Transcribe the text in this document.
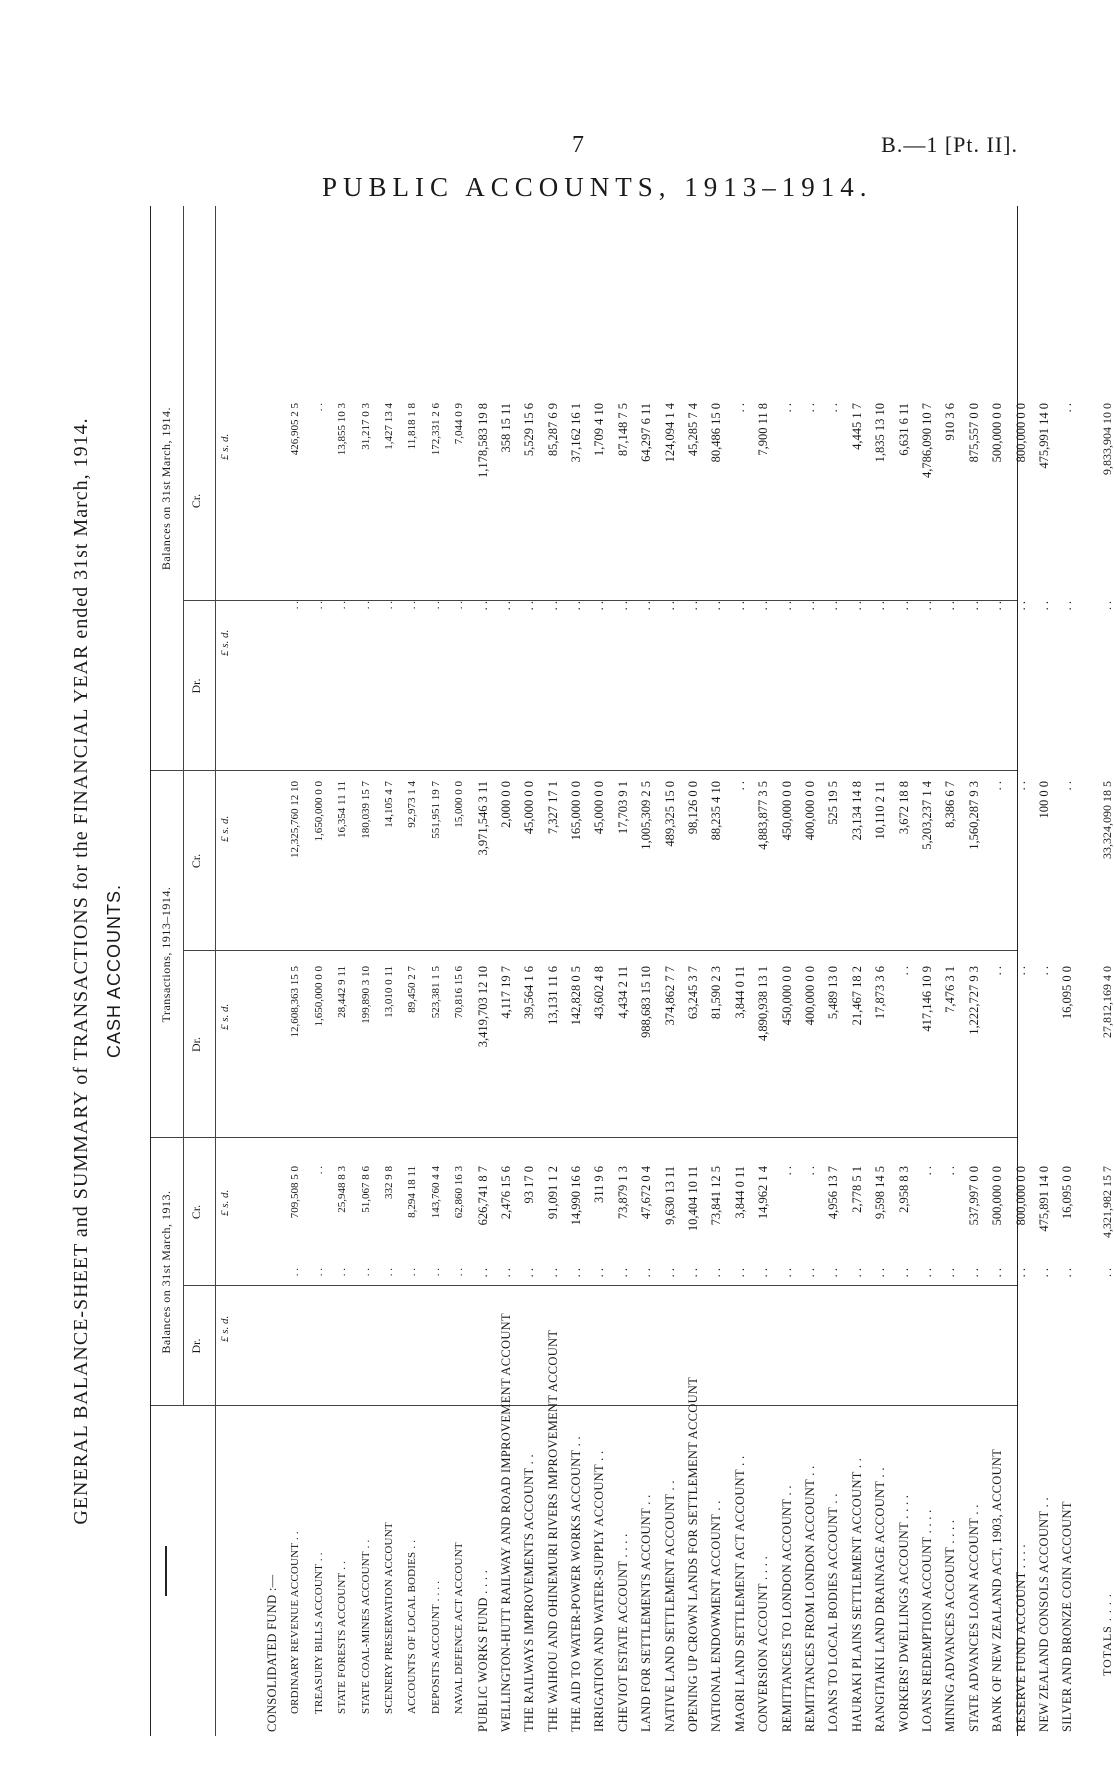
7	B.—1 [Pt. II].
PUBLIC ACCOUNTS, 1913–1914.
GENERAL BALANCE-SHEET and SUMMARY of TRANSACTIONS for the FINANCIAL YEAR ended 31st March, 1914. CASH ACCOUNTS.
Balances on 31st March, 1913.
Transactions, 1913–1914.
Balances on 31st March, 1914.
Dr.
Cr.
Dr.
Cr.
Dr.
Cr.
£ s. d.
£ s. d.
£ s. d.
£ s. d.
£ s. d.
£ s. d.
CONSOLIDATED FUND :— ORDINARY REVENUE ACCOUNT . .
. .
709,508 5 0
12,608,363 15 5
12,325,760 12 10
. .
426,905 2 5
TREASURY BILLS ACCOUNT . .
. .
. .
1,650,000 0 0
1,650,000 0 0
. .
. .
STATE FORESTS ACCOUNT . .
. .
25,948 8 3
28,442 9 11
16,354 11 11
. .
13,855 10 3
STATE COAL-MINES ACCOUNT . .
. .
51,067 8 6
199,890 3 10
180,039 15 7
. .
31,217 0 3
SCENERY PRESERVATION ACCOUNT
. .
332 9 8
13,010 0 11
14,105 4 7
. .
1,427 13 4
ACCOUNTS OF LOCAL BODIES . .
. .
8,294 18 11
89,450 2 7
92,973 1 4
. .
11,818 1 8
DEPOSITS ACCOUNT . . . .
. .
143,760 4 4
523,381 1 5
551,951 19 7
. .
172,331 2 6
NAVAL DEFENCE ACT ACCOUNT
. .
62,860 16 3
70,816 15 6
15,000 0 0
. .
7,044 0 9
PUBLIC WORKS FUND . . . .
. .
626,741 8 7
3,419,703 12 10
3,971,546 3 11
. .
1,178,583 19 8
WELLINGTON-HUTT RAILWAY AND ROAD IMPROVEMENT ACCOUNT
. .
2,476 15 6
4,117 19 7
2,000 0 0
. .
358 15 11
THE RAILWAYS IMPROVEMENTS ACCOUNT . .
. .
93 17 0
39,564 1 6
45,000 0 0
. .
5,529 15 6
THE WAIHOU AND OHINEMURI RIVERS IMPROVEMENT ACCOUNT
. .
91,091 1 2
13,131 11 6
7,327 17 1
. .
85,287 6 9
THE AID TO WATER-POWER WORKS ACCOUNT . .
. .
14,990 16 6
142,828 0 5
165,000 0 0
. .
37,162 16 1
IRRIGATION AND WATER-SUPPLY ACCOUNT . .
. .
311 9 6
43,602 4 8
45,000 0 0
. .
1,709 4 10
CHEVIOT ESTATE ACCOUNT . . . .
. .
73,879 1 3
4,434 2 11
17,703 9 1
. .
87,148 7 5
LAND FOR SETTLEMENTS ACCOUNT . .
. .
47,672 0 4
988,683 15 10
1,005,309 2 5
. .
64,297 6 11
NATIVE LAND SETTLEMENT ACCOUNT . .
. .
9,630 13 11
374,862 7 7
489,325 15 0
. .
124,094 1 4
OPENING UP CROWN LANDS FOR SETTLEMENT ACCOUNT
. .
10,404 10 11
63,245 3 7
98,126 0 0
. .
45,285 7 4
NATIONAL ENDOWMENT ACCOUNT . .
. .
73,841 12 5
81,590 2 3
88,235 4 10
. .
80,486 15 0
MAORI LAND SETTLEMENT ACT ACCOUNT . .
. .
3,844 0 11
3,844 0 11
. .
. .
. .
CONVERSION ACCOUNT . . . .
. .
14,962 1 4
4,890,938 13 1
4,883,877 3 5
. .
7,900 11 8
REMITTANCES TO LONDON ACCOUNT . .
. .
. .
450,000 0 0
450,000 0 0
. .
. .
REMITTANCES FROM LONDON ACCOUNT . .
. .
. .
400,000 0 0
400,000 0 0
. .
. .
LOANS TO LOCAL BODIES ACCOUNT . .
. .
4,956 13 7
5,489 13 0
525 19 5
. .
. .
HAURAKI PLAINS SETTLEMENT ACCOUNT . .
. .
2,778 5 1
21,467 18 2
23,134 14 8
. .
4,445 1 7
RANGITAIKI LAND DRAINAGE ACCOUNT . .
. .
9,598 14 5
17,873 3 6
10,110 2 11
. .
1,835 13 10
WORKERS' DWELLINGS ACCOUNT . . . .
. .
2,958 8 3
. .
3,672 18 8
. .
6,631 6 11
LOANS REDEMPTION ACCOUNT . . . .
. .
. .
417,146 10 9
5,203,237 1 4
. .
4,786,090 10 7
MINING ADVANCES ACCOUNT . . . .
. .
. .
7,476 3 1
8,386 6 7
. .
910 3 6
STATE ADVANCES LOAN ACCOUNT . .
. .
537,997 0 0
1,222,727 9 3
1,560,287 9 3
. .
875,557 0 0
BANK OF NEW ZEALAND ACT, 1903, ACCOUNT
. .
500,000 0 0
. .
. .
. .
500,000 0 0
RESERVE FUND ACCOUNT . . . .
. .
800,000 0 0
. .
. .
. .
800,000 0 0
NEW ZEALAND CONSOLS ACCOUNT . .
. .
475,891 14 0
. .
100 0 0
. .
475,991 14 0
SILVER AND BRONZE COIN ACCOUNT
. .
16,095 0 0
16,095 0 0
. .
. .
. .
TOTALS . . . .
. .
4,321,982 15 7
27,812,169 4 0
33,324,090 18 5
. .
9,833,904 10 0
